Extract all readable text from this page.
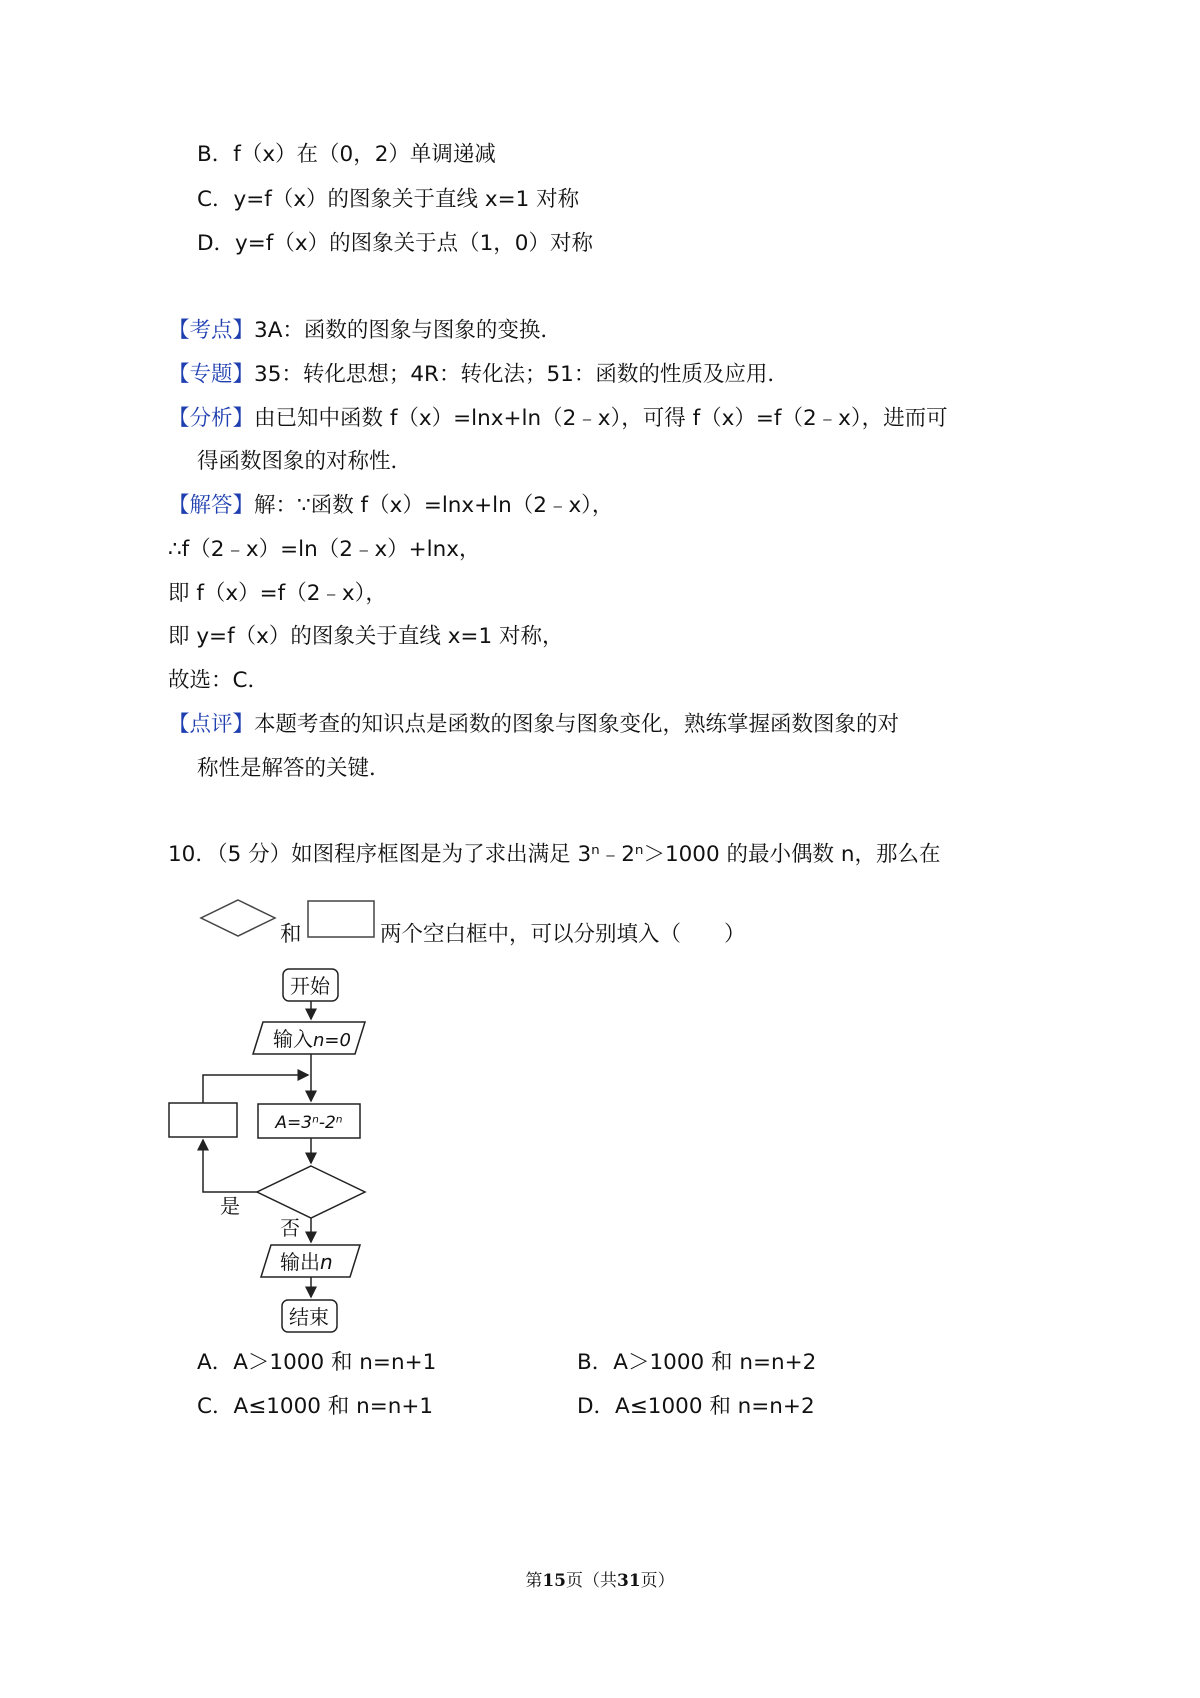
B．f（x）在（0，2）单调递减
C．y=f（x）的图象关于直线 x=1 对称
D．y=f（x）的图象关于点（1，0）对称
【考点】3A：函数的图象与图象的变换．
【专题】35：转化思想；4R：转化法；51：函数的性质及应用．
【分析】由已知中函数 f（x）=lnx+ln（2﹣x），可得 f（x）=f（2﹣x），进而可
得函数图象的对称性．
【解答】解：∵函数 f（x）=lnx+ln（2﹣x），
∴f（2﹣x）=ln（2﹣x）+lnx，
即 f（x）=f（2﹣x），
即 y=f（x）的图象关于直线 x=1 对称，
故选：C．
【点评】本题考查的知识点是函数的图象与图象变化，熟练掌握函数图象的对
称性是解答的关键．
10．（5 分）如图程序框图是为了求出满足 3ⁿ﹣2ⁿ＞1000 的最小偶数 n，那么在
和	两个空白框中，可以分别填入（　　）
开始
输入n=0
A=3ⁿ-2ⁿ
是
否
输出n
结束
A．A＞1000 和 n=n+1	B．A＞1000 和 n=n+2
C．A≤1000 和 n=n+1	D．A≤1000 和 n=n+2
第15页（共31页）
